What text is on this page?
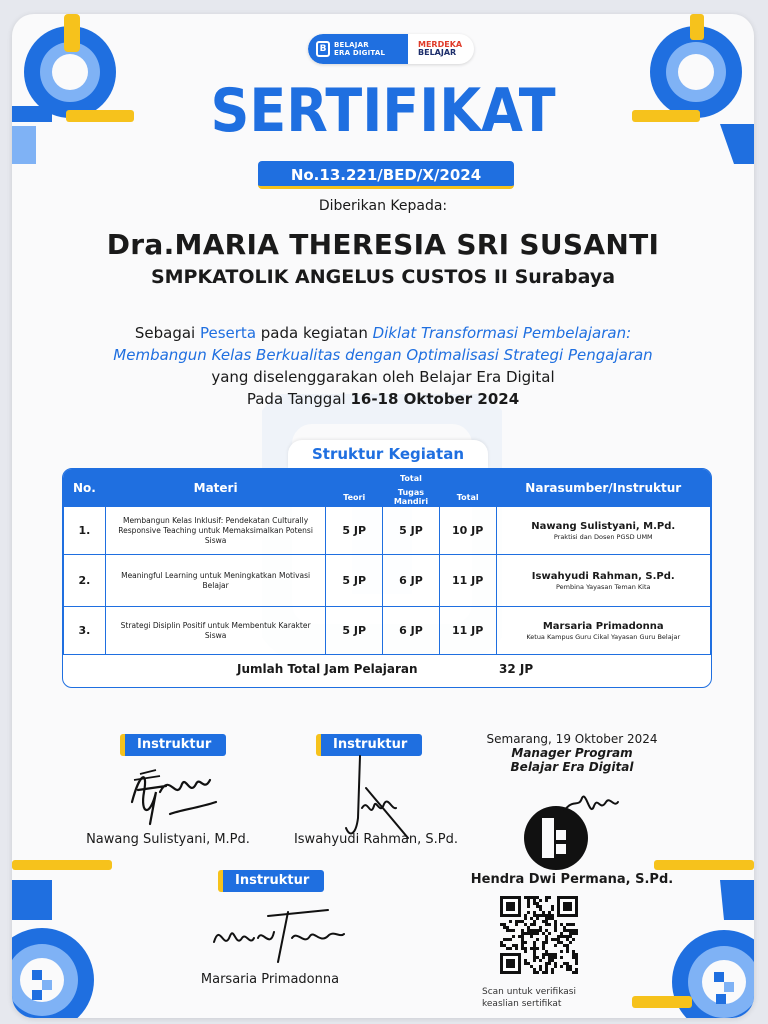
B	BELAJAR
ERA DIGITAL
MERDEKA
BELAJAR
SERTIFIKAT
No.13.221/BED/X/2024
Diberikan Kepada:
Dra.MARIA THERESIA SRI SUSANTI
SMPKATOLIK ANGELUS CUSTOS II Surabaya
Sebagai Peserta pada kegiatan Diklat Transformasi Pembelajaran:
Membangun Kelas Berkualitas dengan Optimalisasi Strategi Pengajaran
yang diselenggarakan oleh Belajar Era Digital
Pada Tanggal 16-18 Oktober 2024
Struktur Kegiatan
No.	Materi	Total			Narasumber/Instruktur
		Teori	Tugas Mandiri	Total	
1.	Membangun Kelas Inklusif: Pendekatan Culturally Responsive Teaching untuk Memaksimalkan Potensi Siswa	5 JP	5 JP	10 JP	Nawang Sulistyani, M.Pd.
Praktisi dan Dosen PGSD UMM

2.	Meaningful Learning untuk Meningkatkan Motivasi Belajar	5 JP	6 JP	11 JP	Iswahyudi Rahman, S.Pd.
Pembina Yayasan Teman Kita

3.	Strategi Disiplin Positif untuk Membentuk Karakter Siswa	5 JP	6 JP	11 JP	Marsaria Primadonna
Ketua Kampus Guru Cikal Yayasan Guru Belajar
Jumlah Total Jam Pelajaran	32 JP
Instruktur
Nawang Sulistyani, M.Pd.
Instruktur
Iswahyudi Rahman, S.Pd.
Instruktur
Marsaria Primadonna
Semarang, 19 Oktober 2024
Manager Program
Belajar Era Digital
Hendra Dwi Permana, S.Pd.
Scan untuk verifikasi
keaslian sertifikat
